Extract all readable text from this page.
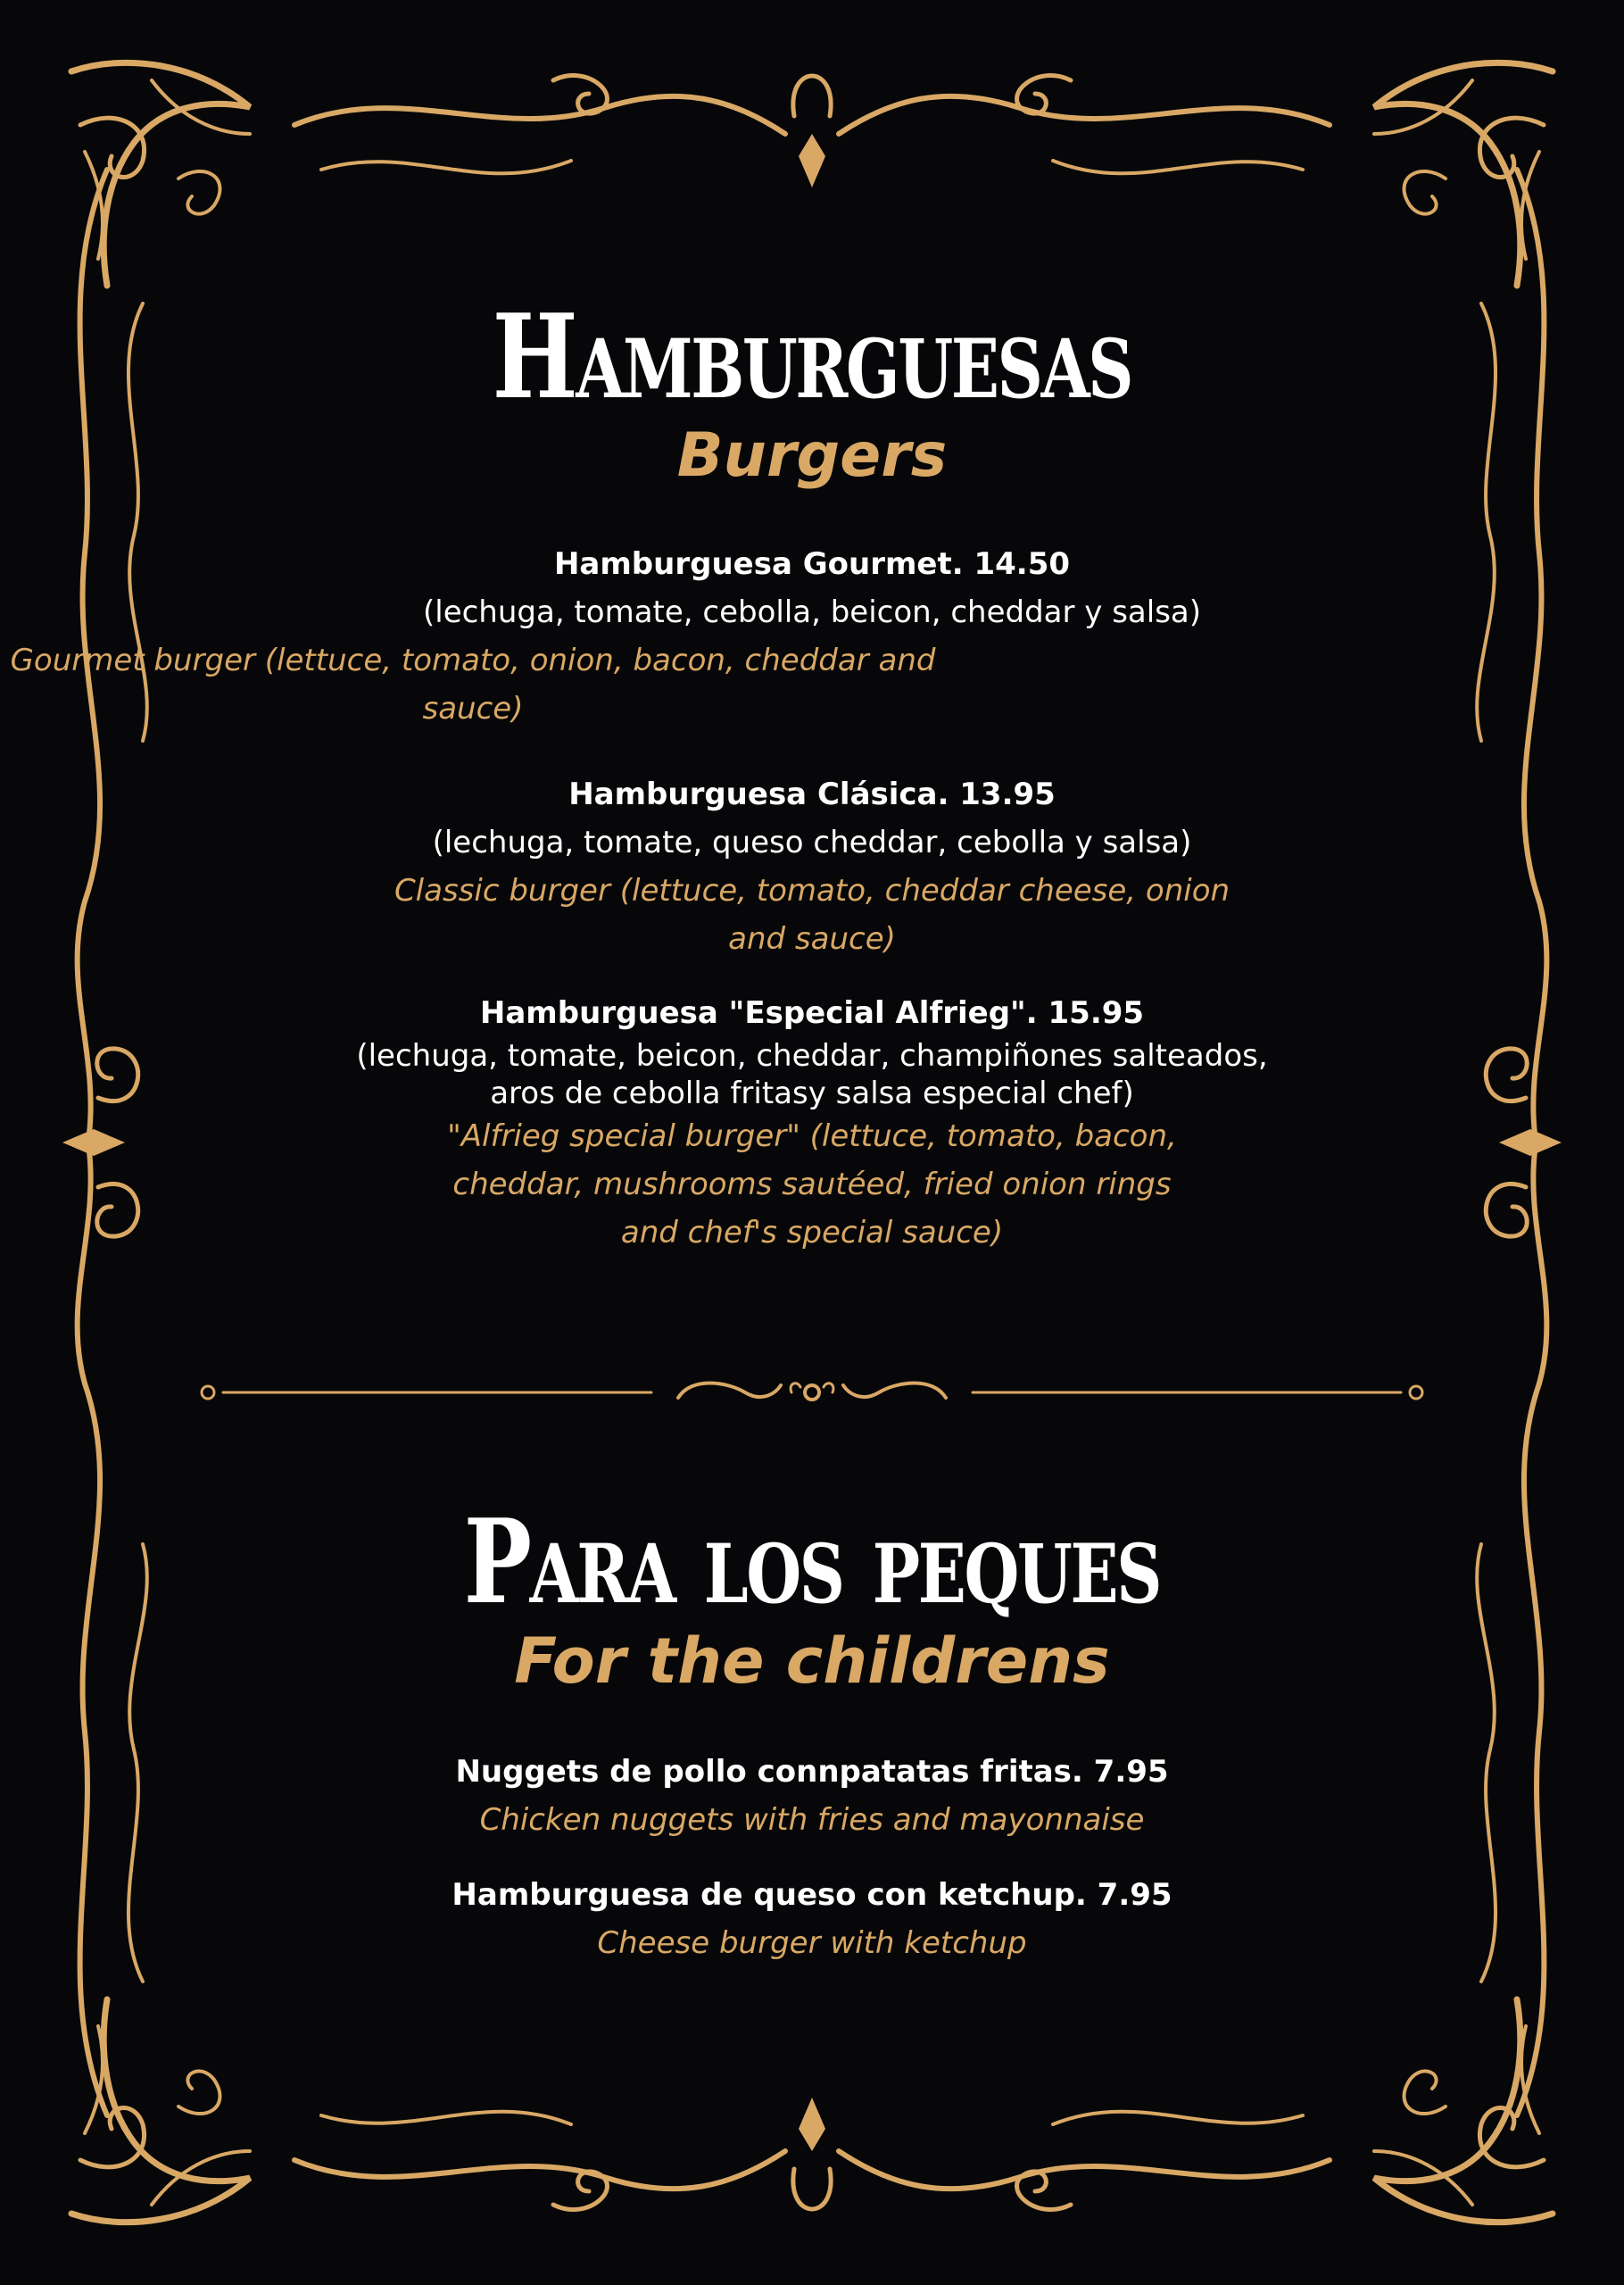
Hamburguesas
Burgers

Hamburguesa Gourmet. 14.50

(lechuga, tomate, cebolla, beicon, cheddar y salsa)

Gourmet burger (lettuce, tomato, onion, bacon, cheddar and sauce)

Hamburguesa Clásica. 13.95

(lechuga, tomate, queso cheddar, cebolla y salsa)

Classic burger (lettuce, tomato, cheddar cheese, onion and sauce)

Hamburguesa "Especial Alfrieg". 15.95

(lechuga, tomate, beicon, cheddar, champiñones salteados,

aros de cebolla fritasy salsa especial chef)

"Alfrieg special burger" (lettuce, tomato, bacon,

cheddar, mushrooms sautéed, fried onion rings

and chef's special sauce)

Para los peques
For the childrens

Nuggets de pollo connpatatas fritas. 7.95

Chicken nuggets with fries and mayonnaise

Hamburguesa de queso con ketchup. 7.95

Cheese burger with ketchup
